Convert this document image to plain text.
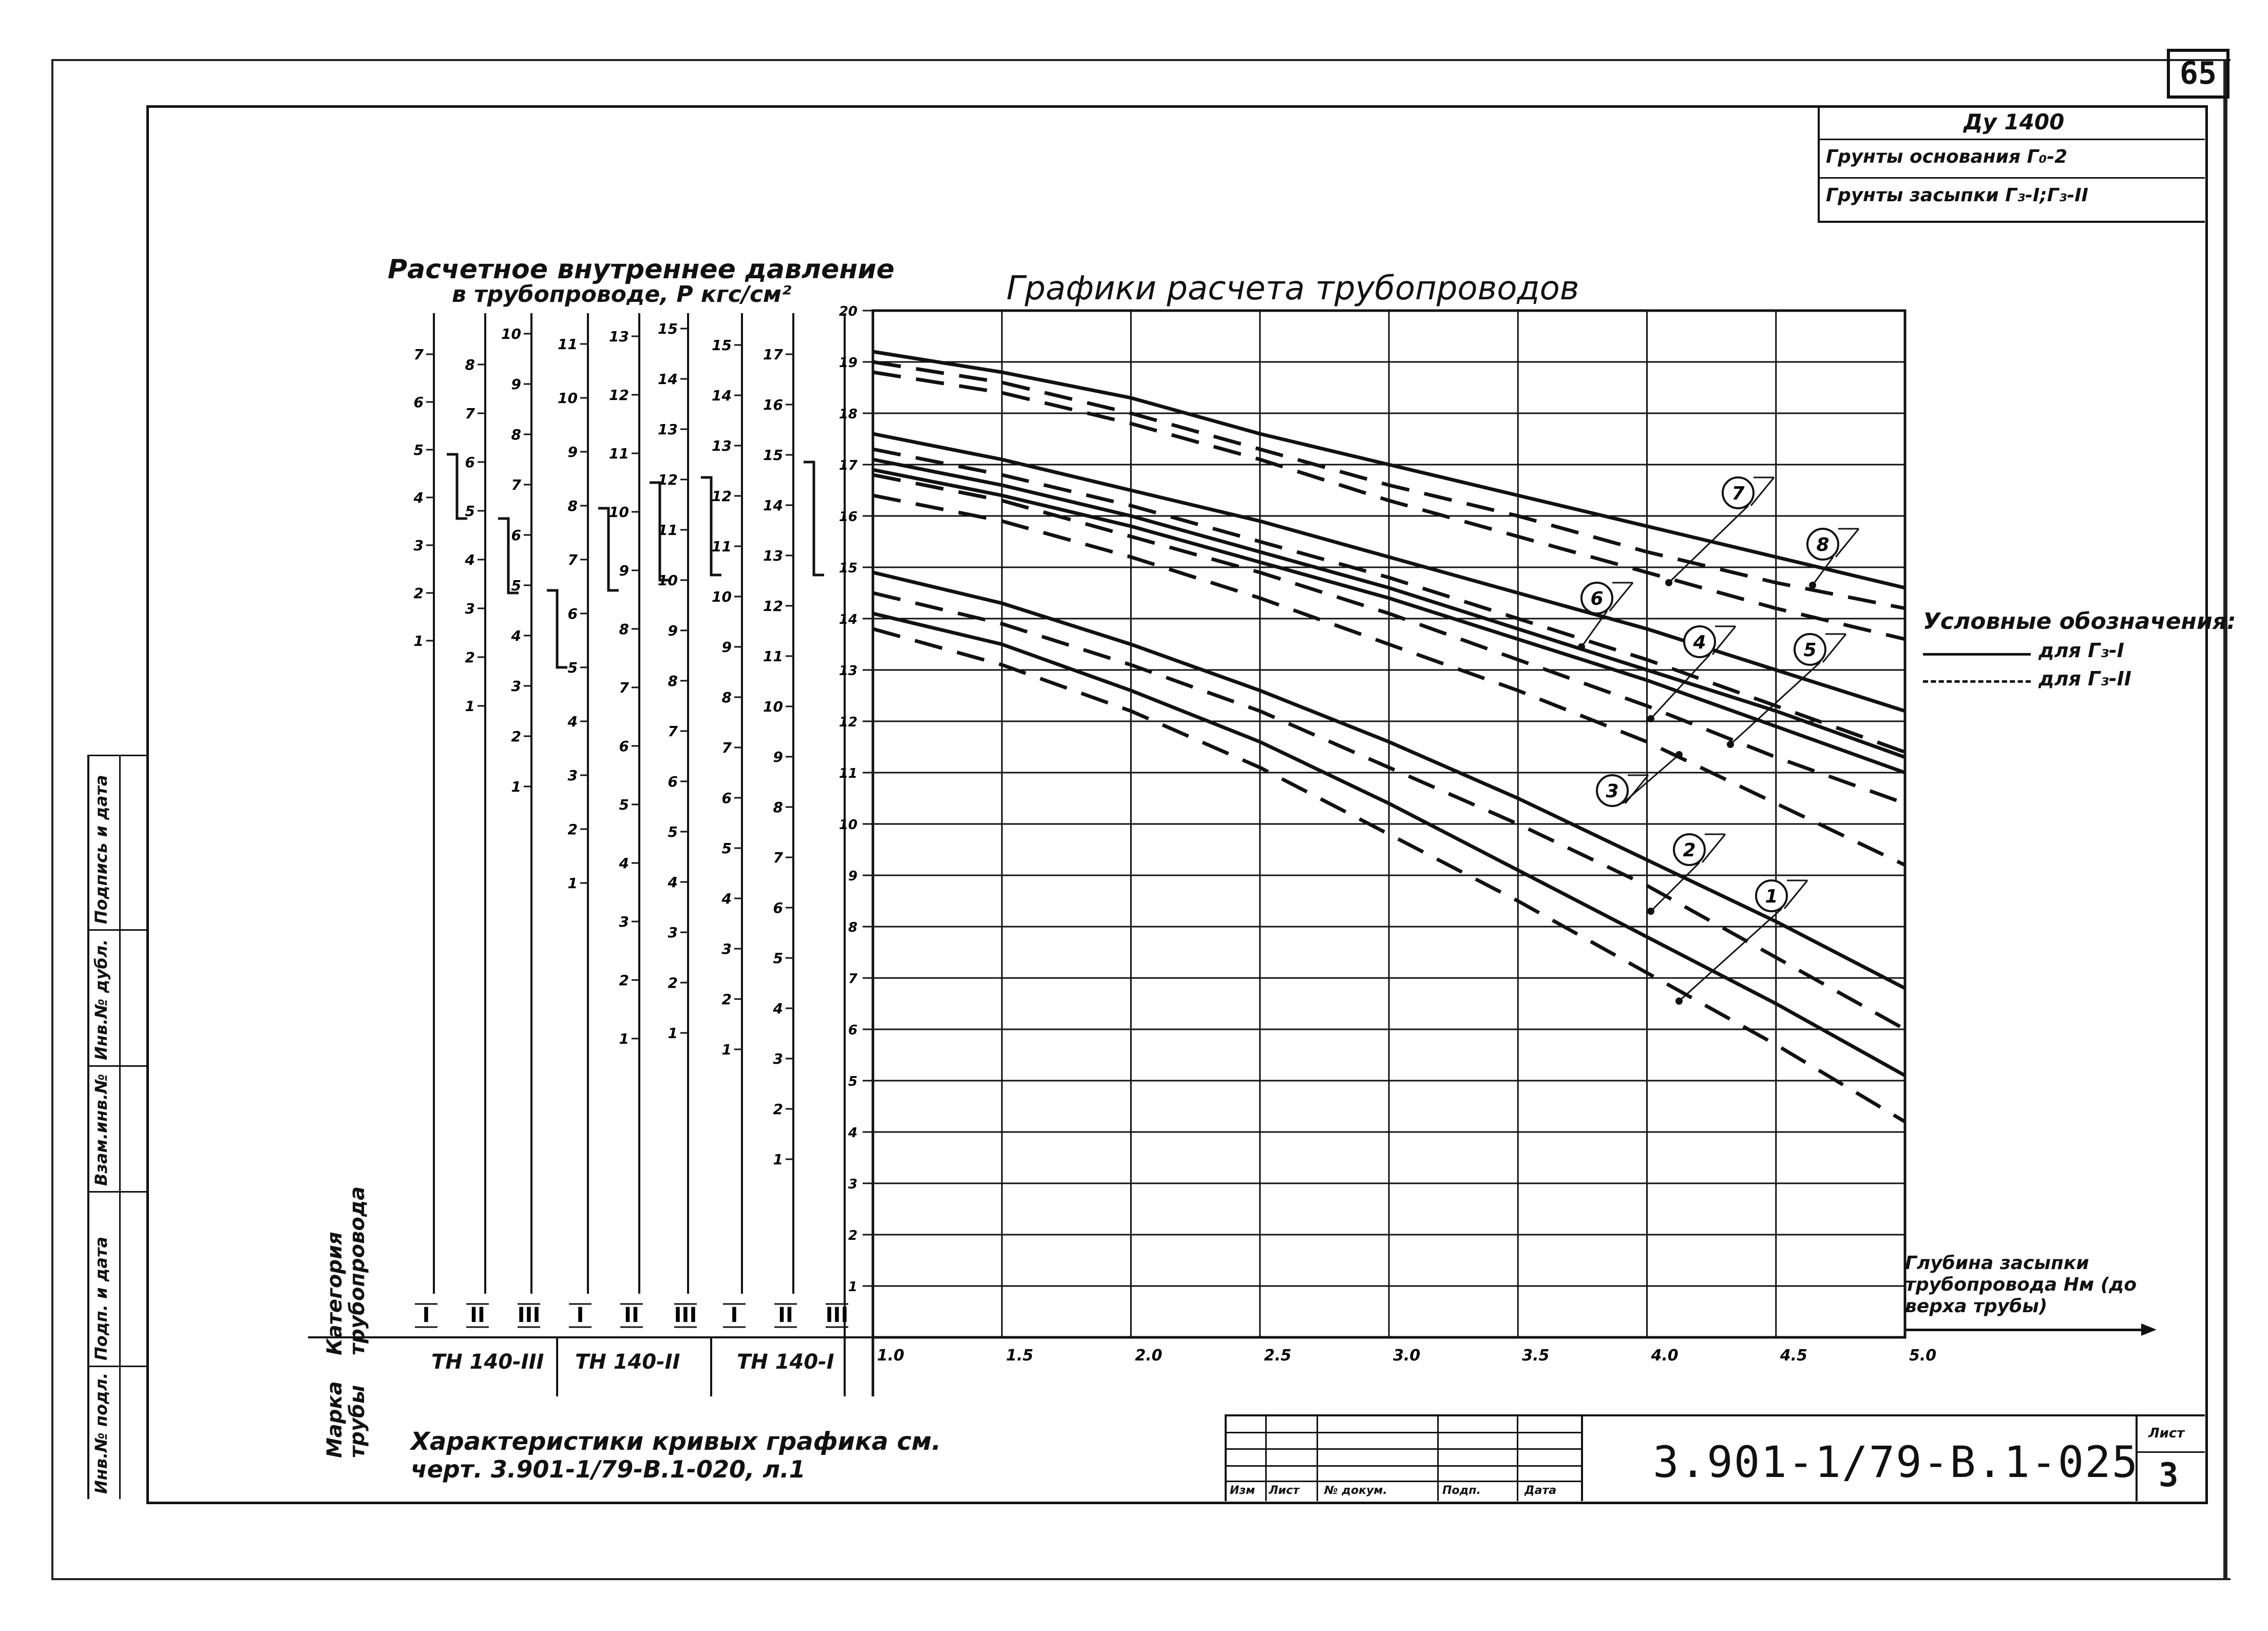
65
Ду 1400
Грунты основания Г₀-2
Грунты засыпки Г₃-I;Г₃-II
Инв.№ подл.
Подп. и дата
Взам.инв.№
Инв.№ дубл.
Подпись и дата
Расчетное внутреннее давление
в трубопроводе, P кгс/см²	Графики расчета трубопроводов
Категория трубопровода
Марка трубы
ТН 140-III ТН 140-II	ТН 140-I
Характеристики кривых графика см.
черт. 3.901-1/79-В.1-020, л.1
Условные обозначения:
для Г₃-I
для Г₃-II
Глубина засыпки трубопровода Нм (до верха трубы)
Изм Лист № докум.	Подп.	Дата
3.901-1/79-В.1-025
Лист
3
7
6
5
4
3
2
1
8
7
6
5
4
3
2
1
10
9
8
7
6
5
4
3
2
1
11
10
9
8
7
6
5
4
3
2
1
13
12
11
10
9
8
7
6
5
4
3
2
1
15
14
13
12
11
10
9
8
7
6
5
4
3
2
1
15
14
13
12
11
10
9
8
7
6
5
4
3
2
1
17
16
15
14
13
12
11
10
9
8
7
6
5
4
3
2
1
I II III I II III I II III
1.0	1.5	2.0	2.5	3.0	3.5	4.0	4.5	5.0
1
2
3
4
5
6
7
8
9
10
11
12
13
14
15
16
17
18
19
20
1
2
3
4	5
6
7
8
